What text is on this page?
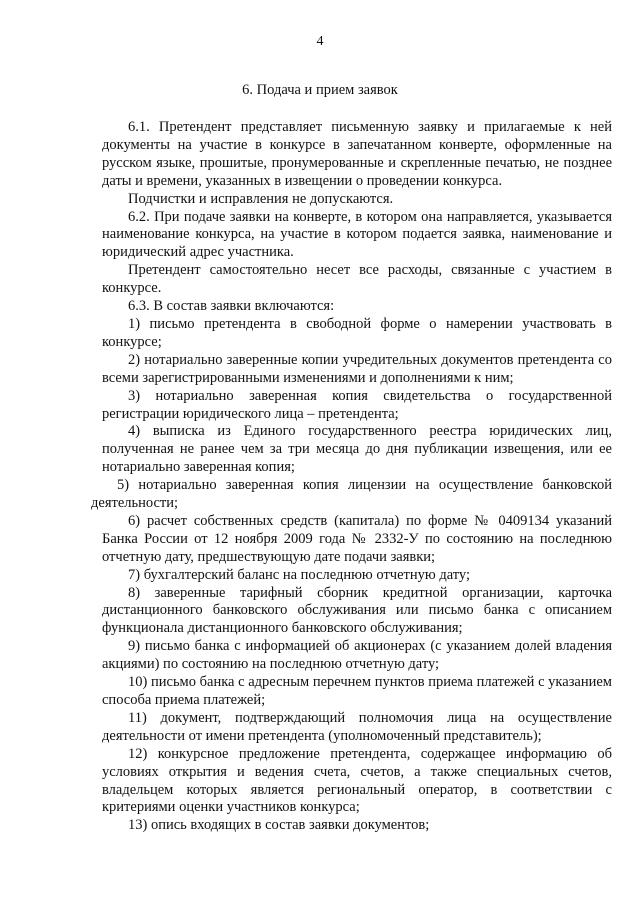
4
6. Подача и прием заявок

6.1. Претендент представляет письменную заявку и прилагаемые к ней документы на участие в конкурсе в запечатанном конверте, оформленные на русском языке, прошитые, пронумерованные и скрепленные печатью, не позднее даты и времени, указанных в извещении о проведении конкурса.

Подчистки и исправления не допускаются.

6.2. При подаче заявки на конверте, в котором она направляется, указывается наименование конкурса, на участие в котором подается заявка, наименование и юридический адрес участника.

Претендент самостоятельно несет все расходы, связанные с участием в конкурсе.

6.3. В состав заявки включаются:

1) письмо претендента в свободной форме о намерении участвовать в конкурсе;

2) нотариально заверенные копии учредительных документов претендента со всеми зарегистрированными изменениями и дополнениями к ним;

3) нотариально заверенная копия свидетельства о государственной регистрации юридического лица – претендента;

4) выписка из Единого государственного реестра юридических лиц, полученная не ранее чем за три месяца до дня публикации извещения, или ее нотариально заверенная копия;

5) нотариально заверенная копия лицензии на осуществление банковской деятельности;

6) расчет собственных средств (капитала) по форме № 0409134 указаний Банка России от 12 ноября 2009 года № 2332-У по состоянию на последнюю отчетную дату, предшествующую дате подачи заявки;

7) бухгалтерский баланс на последнюю отчетную дату;

8) заверенные тарифный сборник кредитной организации, карточка дистанционного банковского обслуживания или письмо банка с описанием функционала дистанционного банковского обслуживания;

9) письмо банка с информацией об акционерах (с указанием долей владения акциями) по состоянию на последнюю отчетную дату;

10) письмо банка с адресным перечнем пунктов приема платежей с указанием способа приема платежей;

11) документ, подтверждающий полномочия лица на осуществление деятельности от имени претендента (уполномоченный представитель);

12) конкурсное предложение претендента, содержащее информацию об условиях открытия и ведения счета, счетов, а также специальных счетов, владельцем которых является региональный оператор, в соответствии с критериями оценки участников конкурса;

13) опись входящих в состав заявки документов;
